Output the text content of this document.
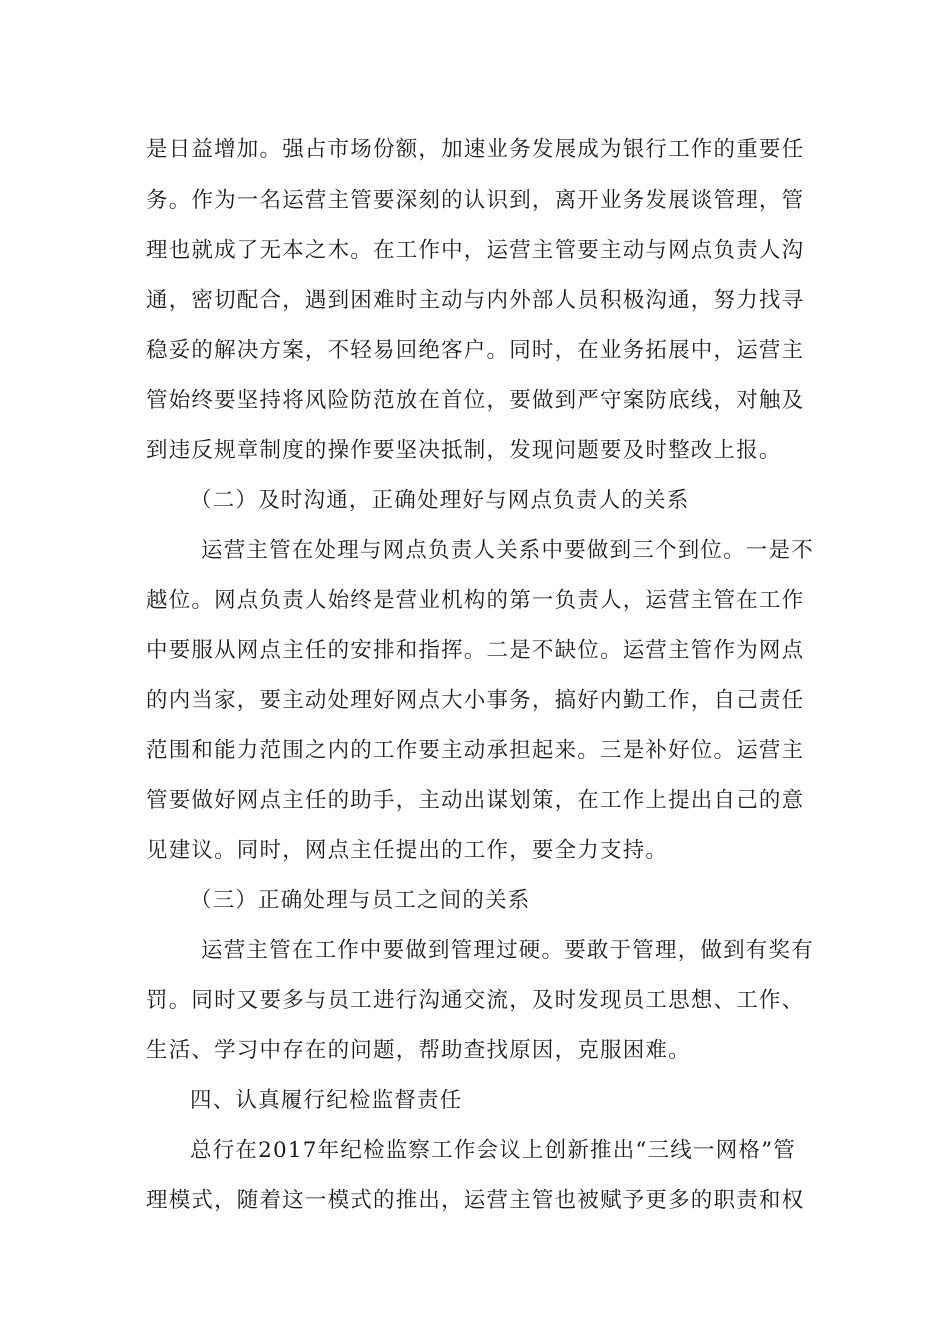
是日益增加。强占市场份额，加速业务发展成为银行工作的重要任
务。作为一名运营主管要深刻的认识到，离开业务发展谈管理，管
理也就成了无本之木。在工作中，运营主管要主动与网点负责人沟
通，密切配合，遇到困难时主动与内外部人员积极沟通，努力找寻
稳妥的解决方案，不轻易回绝客户。同时，在业务拓展中，运营主
管始终要坚持将风险防范放在首位，要做到严守案防底线，对触及
到违反规章制度的操作要坚决抵制，发现问题要及时整改上报。
（二）及时沟通，正确处理好与网点负责人的关系
运营主管在处理与网点负责人关系中要做到三个到位。一是不
越位。网点负责人始终是营业机构的第一负责人，运营主管在工作
中要服从网点主任的安排和指挥。二是不缺位。运营主管作为网点
的内当家，要主动处理好网点大小事务，搞好内勤工作，自己责任
范围和能力范围之内的工作要主动承担起来。三是补好位。运营主
管要做好网点主任的助手，主动出谋划策，在工作上提出自己的意
见建议。同时，网点主任提出的工作，要全力支持。
（三）正确处理与员工之间的关系
运营主管在工作中要做到管理过硬。要敢于管理，做到有奖有
罚。同时又要多与员工进行沟通交流，及时发现员工思想、工作、
生活、学习中存在的问题，帮助查找原因，克服困难。
四、认真履行纪检监督责任
总行在2017年纪检监察工作会议上创新推出“三线一网格”管
理模式，随着这一模式的推出，运营主管也被赋予更多的职责和权
